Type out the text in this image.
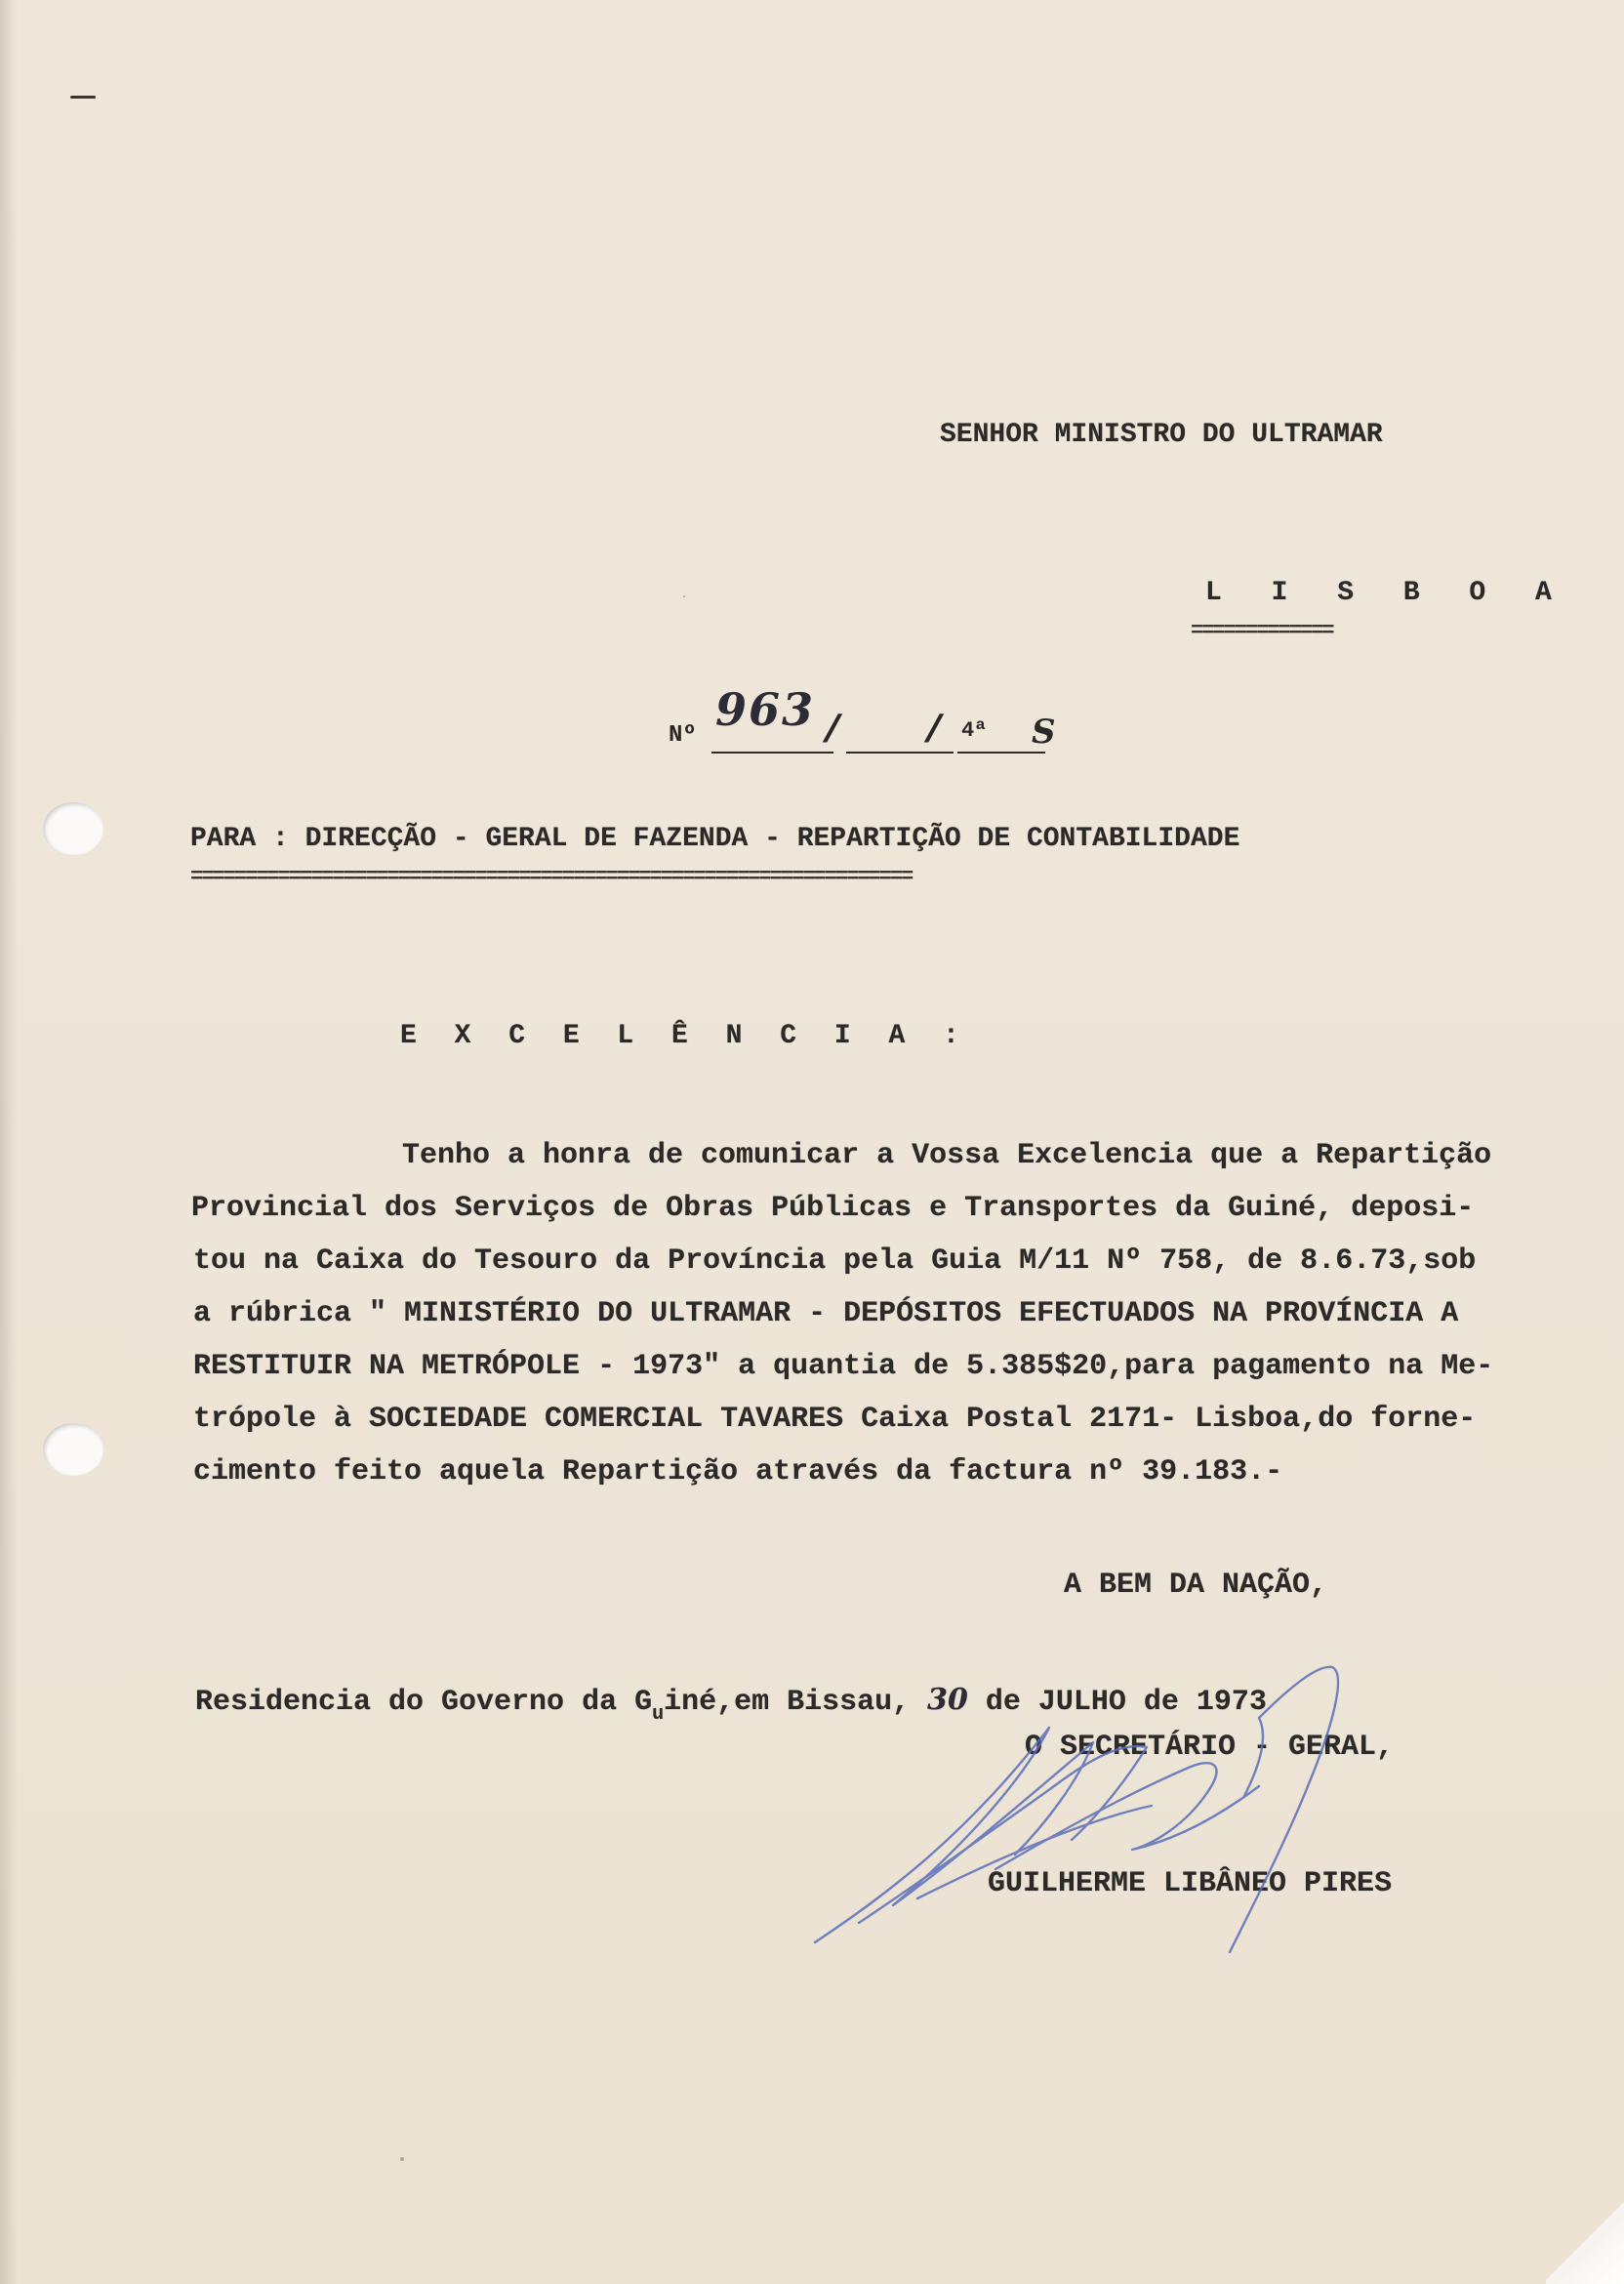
SENHOR MINISTRO DO ULTRAMAR
L I S B O A
=============
Nº 963 / / 4ª S
PARA : DIRECÇÃO - GERAL DE FAZENDA - REPARTIÇÃO DE CONTABILIDADE
==================================================================
E X C E L Ê N C I A :
Tenho a honra de comunicar a Vossa Excelencia que a Repartição
Provincial dos Serviços de Obras Públicas e Transportes da Guiné, deposi-
tou na Caixa do Tesouro da Província pela Guia M/11 Nº 758, de 8.6.73,sob
a rúbrica " MINISTÉRIO DO ULTRAMAR - DEPÓSITOS EFECTUADOS NA PROVÍNCIA A
RESTITUIR NA METRÓPOLE - 1973" a quantia de 5.385$20,para pagamento na Me-
trópole à SOCIEDADE COMERCIAL TAVARES Caixa Postal 2171- Lisboa,do forne-
cimento feito aquela Repartição através da factura nº 39.183.-
A BEM DA NAÇÃO,
Residencia do Governo da $G_uiné,em$ Bissau, 30 de JULHO de 1973
O SECRETÁRIO - GERAL,
GUILHERME LIBÂNEO PIRES
